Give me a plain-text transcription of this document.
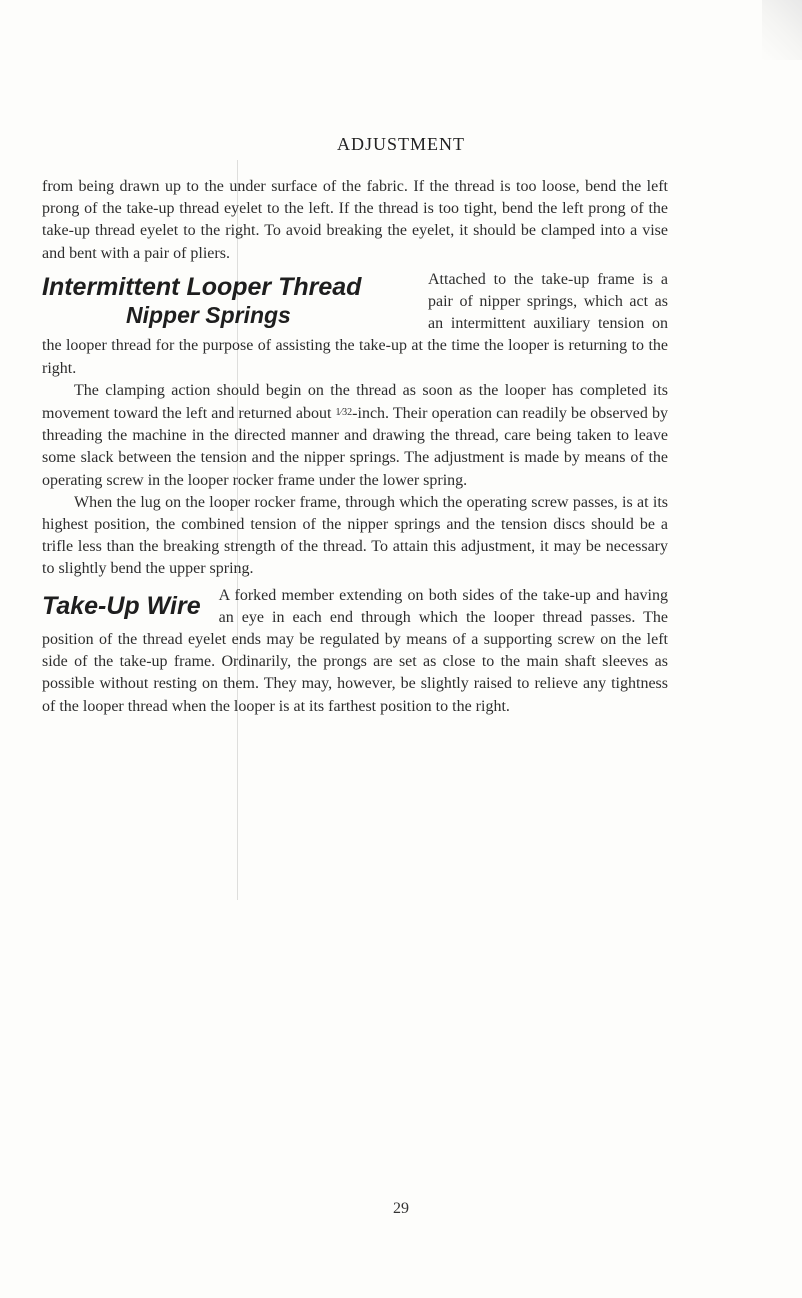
ADJUSTMENT

from being drawn up to the under surface of the fabric. If the thread is too loose, bend the left prong of the take-up thread eyelet to the left. If the thread is too tight, bend the left prong of the take-up thread eyelet to the right. To avoid breaking the eyelet, it should be clamped into a vise and bent with a pair of pliers.

Intermittent Looper Thread
Nipper Springs

Attached to the take-up frame is a pair of nipper springs, which act as an intermittent auxiliary tension on the looper thread for the purpose of assisting the take-up at the time the looper is returning to the right.

The clamping action should begin on the thread as soon as the looper has completed its movement toward the left and returned about 1⁄32-inch. Their operation can readily be observed by threading the machine in the directed manner and drawing the thread, care being taken to leave some slack between the tension and the nipper springs. The adjustment is made by means of the operating screw in the looper rocker frame under the lower spring.

When the lug on the looper rocker frame, through which the operating screw passes, is at its highest position, the combined tension of the nipper springs and the tension discs should be a trifle less than the breaking strength of the thread. To attain this adjustment, it may be necessary to slightly bend the upper spring.

Take-Up Wire	A forked member extending on both sides of the take-up and having an eye in each end through which the looper thread passes. The position of the thread eyelet ends may be regulated by means of a supporting screw on the left side of the take-up frame. Ordinarily, the prongs are set as close to the main shaft sleeves as possible without resting on them. They may, however, be slightly raised to relieve any tightness of the looper thread when the looper is at its farthest position to the right.

29
